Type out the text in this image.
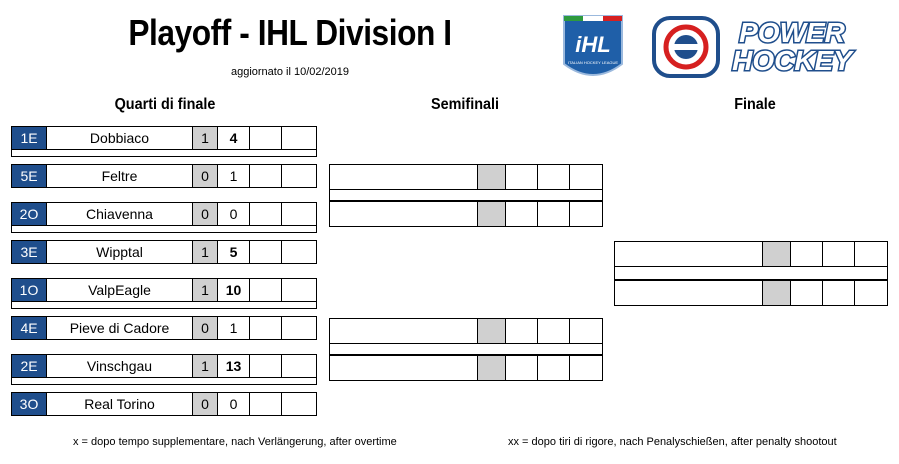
Playoff - IHL Division I
aggiornato il 10/02/2019
iHL
ITALIAN HOCKEY LEAGUE
POWER
HOCKEY
Quarti di finale	Semifinali	Finale
1E	Dobbiaco	1	4
5E	Feltre	0	1
2O	Chiavenna	0	0
3E	Wipptal	1	5
1O	ValpEagle	1	10
4E	Pieve di Cadore	0	1
2E	Vinschgau	1	13
3O	Real Torino	0	0
x = dopo tempo supplementare, nach Verlängerung, after overtime	xx = dopo tiri di rigore, nach Penalyschießen, after penalty shootout
